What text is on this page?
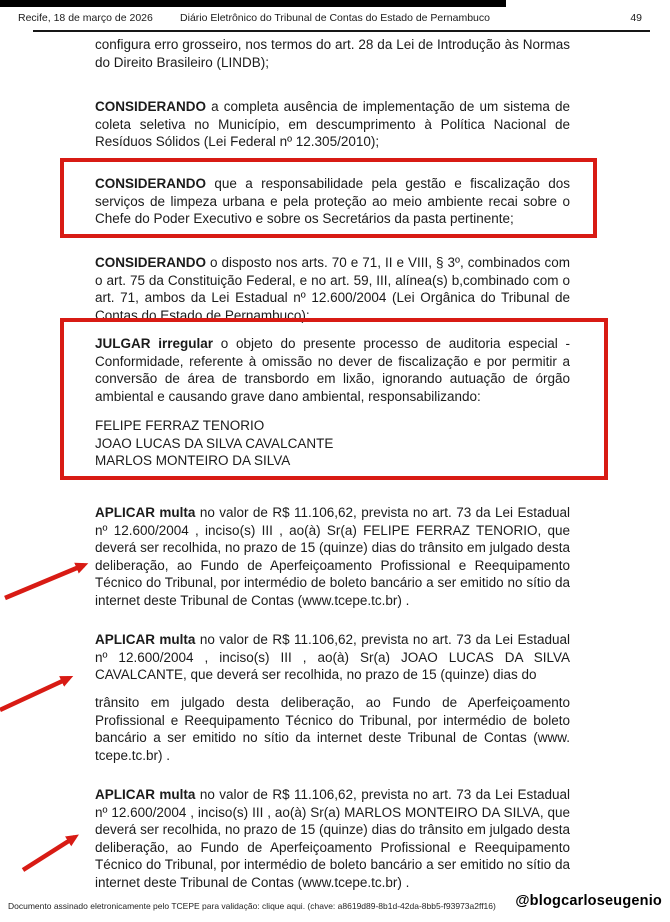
Recife, 18 de março de 2026	Diário Eletrônico do Tribunal de Contas do Estado de Pernambuco	49

configura erro grosseiro, nos termos do art. 28 da Lei de Introdução às Normas do Direito Brasileiro (LINDB);

CONSIDERANDO a completa ausência de implementação de um sistema de coleta seletiva no Município, em descumprimento à Política Nacional de Resíduos Sólidos (Lei Federal nº 12.305/2010);

CONSIDERANDO que a responsabilidade pela gestão e fiscalização dos serviços de limpeza urbana e pela proteção ao meio ambiente recai sobre o Chefe do Poder Executivo e sobre os Secretários da pasta pertinente;

CONSIDERANDO o disposto nos arts. 70 e 71, II e VIII, § 3º, combinados com o art. 75 da Constituição Federal, e no art. 59, III, alínea(s) b,combinado com o art. 71, ambos da Lei Estadual nº 12.600/2004 (Lei Orgânica do Tribunal de Contas do Estado de Pernambuco);

JULGAR irregular o objeto do presente processo de auditoria especial - Conformidade, referente à omissão no dever de fiscalização e por permitir a conversão de área de transbordo em lixão, ignorando autuação de órgão ambiental e causando grave dano ambiental, responsabilizando:

FELIPE FERRAZ TENORIO
JOAO LUCAS DA SILVA CAVALCANTE
MARLOS MONTEIRO DA SILVA

APLICAR multa no valor de R$ 11.106,62, prevista no art. 73 da Lei Estadual nº 12.600/2004 , inciso(s) III , ao(à) Sr(a) FELIPE FERRAZ TENORIO, que deverá ser recolhida, no prazo de 15 (quinze) dias do trânsito em julgado desta deliberação, ao Fundo de Aperfeiçoamento Profissional e Reequipamento Técnico do Tribunal, por intermédio de boleto bancário a ser emitido no sítio da internet deste Tribunal de Contas (www.tcepe.tc.br) .

APLICAR multa no valor de R$ 11.106,62, prevista no art. 73 da Lei Estadual nº 12.600/2004 , inciso(s) III , ao(à) Sr(a) JOAO LUCAS DA SILVA CAVALCANTE, que deverá ser recolhida, no prazo de 15 (quinze) dias do

trânsito em julgado desta deliberação, ao Fundo de Aperfeiçoamento Profissional e Reequipamento Técnico do Tribunal, por intermédio de boleto bancário a ser emitido no sítio da internet deste Tribunal de Contas (www. tcepe.tc.br) .

APLICAR multa no valor de R$ 11.106,62, prevista no art. 73 da Lei Estadual nº 12.600/2004 , inciso(s) III , ao(à) Sr(a) MARLOS MONTEIRO DA SILVA, que deverá ser recolhida, no prazo de 15 (quinze) dias do trânsito em julgado desta deliberação, ao Fundo de Aperfeiçoamento Profissional e Reequipamento Técnico do Tribunal, por intermédio de boleto bancário a ser emitido no sítio da internet deste Tribunal de Contas (www.tcepe.tc.br) .

Documento assinado eletronicamente pelo TCEPE para validação: clique aqui. (chave: a8619d89-8b1d-42da-8bb5-f93973a2ff16) @blogcarloseugenio
